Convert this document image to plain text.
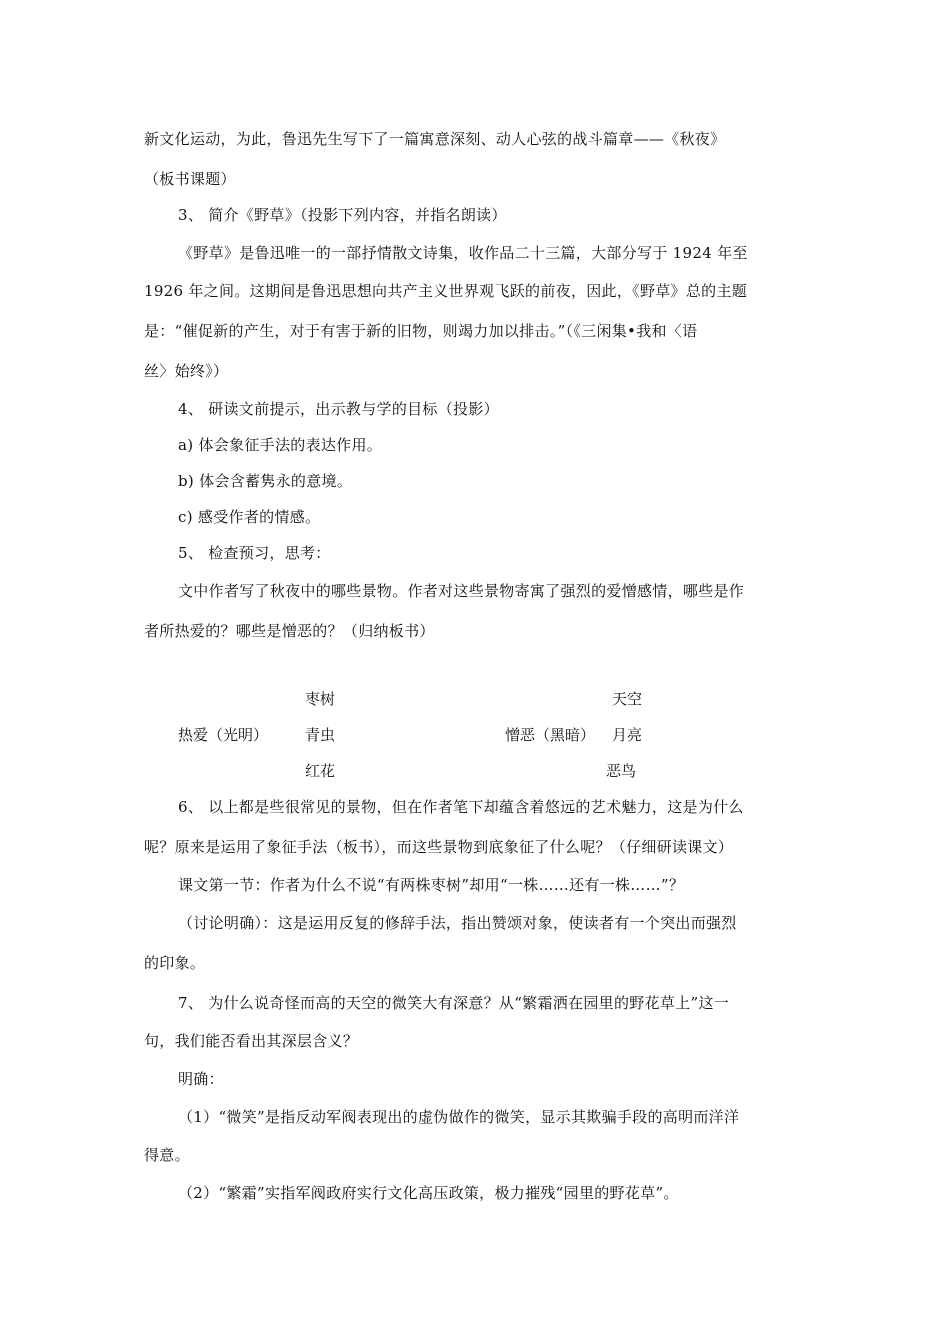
新文化运动，为此，鲁迅先生写下了一篇寓意深刻、动人心弦的战斗篇章——《秋夜》
（板书课题）
3、 简介《野草》（投影下列内容，并指名朗读）
《野草》是鲁迅唯一的一部抒情散文诗集，收作品二十三篇，大部分写于 1924 年至
1926 年之间。这期间是鲁迅思想向共产主义世界观飞跃的前夜，因此，《野草》总的主题
是：“催促新的产生，对于有害于新的旧物，则竭力加以排击。”（《三闲集•我和〈语
丝〉始终》）
4、 研读文前提示，出示教与学的目标（投影）
a) 体会象征手法的表达作用。
b) 体会含蓄隽永的意境。
c) 感受作者的情感。
5、 检查预习，思考：
文中作者写了秋夜中的哪些景物。作者对这些景物寄寓了强烈的爱憎感情，哪些是作
者所热爱的？哪些是憎恶的？（归纳板书）
枣树
热爱（光明） 青虫
红花
天空
憎恶（黑暗） 月亮
恶鸟
6、 以上都是些很常见的景物，但在作者笔下却蕴含着悠远的艺术魅力，这是为什么
呢？原来是运用了象征手法（板书），而这些景物到底象征了什么呢？（仔细研读课文）
课文第一节：作者为什么不说“有两株枣树”却用“一株……还有一株……”？
（讨论明确）：这是运用反复的修辞手法，指出赞颂对象，使读者有一个突出而强烈
的印象。
7、 为什么说奇怪而高的天空的微笑大有深意？从“繁霜洒在园里的野花草上”这一
句，我们能否看出其深层含义？
明确：
（1）“微笑”是指反动军阀表现出的虚伪做作的微笑，显示其欺骗手段的高明而洋洋
得意。
（2）“繁霜”实指军阀政府实行文化高压政策，极力摧残“园里的野花草”。
